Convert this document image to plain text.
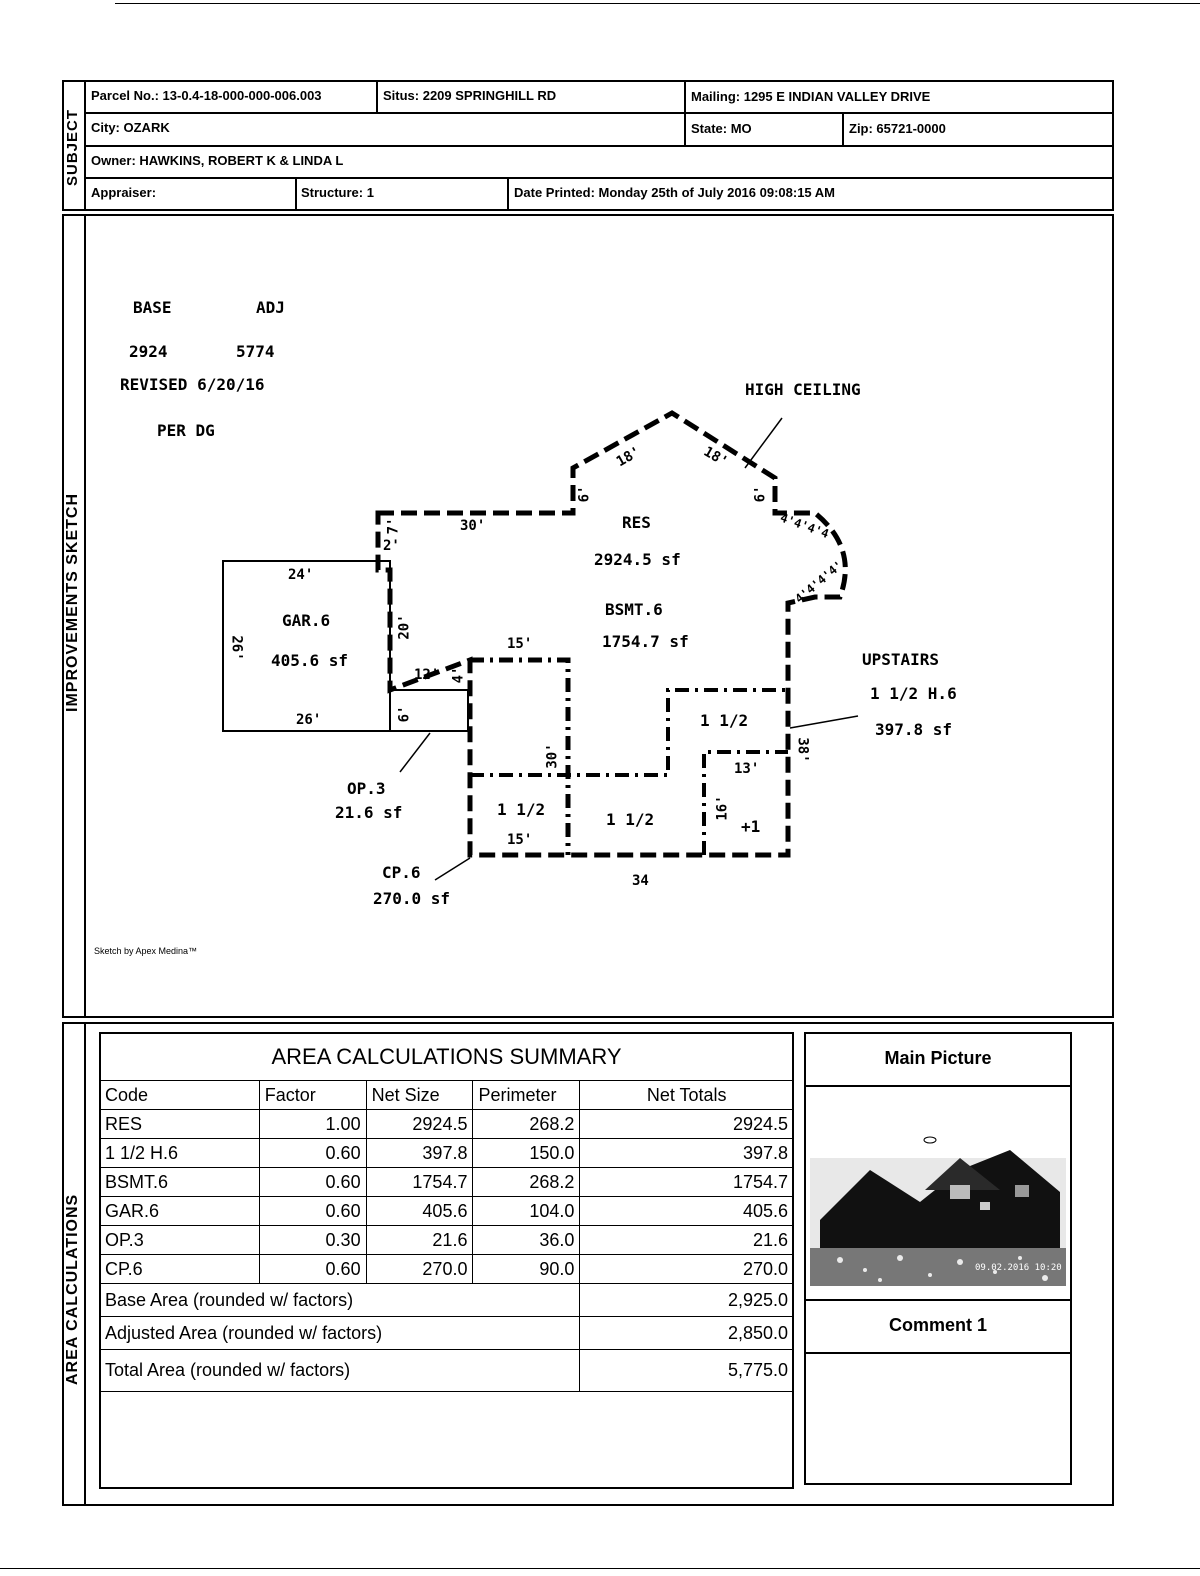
SUBJECT
Parcel No.: 13-0.4-18-000-000-006.003	Situs: 2209 SPRINGHILL RD	Mailing: 1295 E INDIAN VALLEY DRIVE
City: OZARK	State: MO	Zip: 65721-0000
Owner: HAWKINS, ROBERT K & LINDA L
Appraiser:	Structure: 1	Date Printed: Monday 25th of July 2016 09:08:15 AM
IMPROVEMENTS SKETCH
BASE	ADJ
2924	5774
REVISED 6/20/16
PER DG
HIGH CEILING
RES
2924.5 sf
BSMT.6
1754.7 sf
GAR.6
405.6 sf	UPSTAIRS
1 1/2 H.6
397.8 sf
OP.3
21.6 sf
CP.6
270.0 sf
1 1/2
1 1/2
1 1/2	+1
18'	18'
6'	6'
30'
7'
2'
24'
20'
26'
26'
12' 4'
6'
15'
30'
15'
34
16'
13'
38'
4'4'4'4'
4'4'4'4'
Sketch by Apex Medina™
AREA CALCULATIONS
AREA CALCULATIONS SUMMARY				
Code	Factor	Net Size	Perimeter	Net Totals
RES	1.00	2924.5	268.2	2924.5
1 1/2 H.6	0.60	397.8	150.0	397.8
BSMT.6	0.60	1754.7	268.2	1754.7
GAR.6	0.60	405.6	104.0	405.6
OP.3	0.30	21.6	36.0	21.6
CP.6	0.60	270.0	90.0	270.0
Base Area (rounded w/ factors)				2,925.0
Adjusted Area (rounded w/ factors)				2,850.0
Total Area (rounded w/ factors)				5,775.0
Main Picture
Comment 1
09.02.2016 10:20
